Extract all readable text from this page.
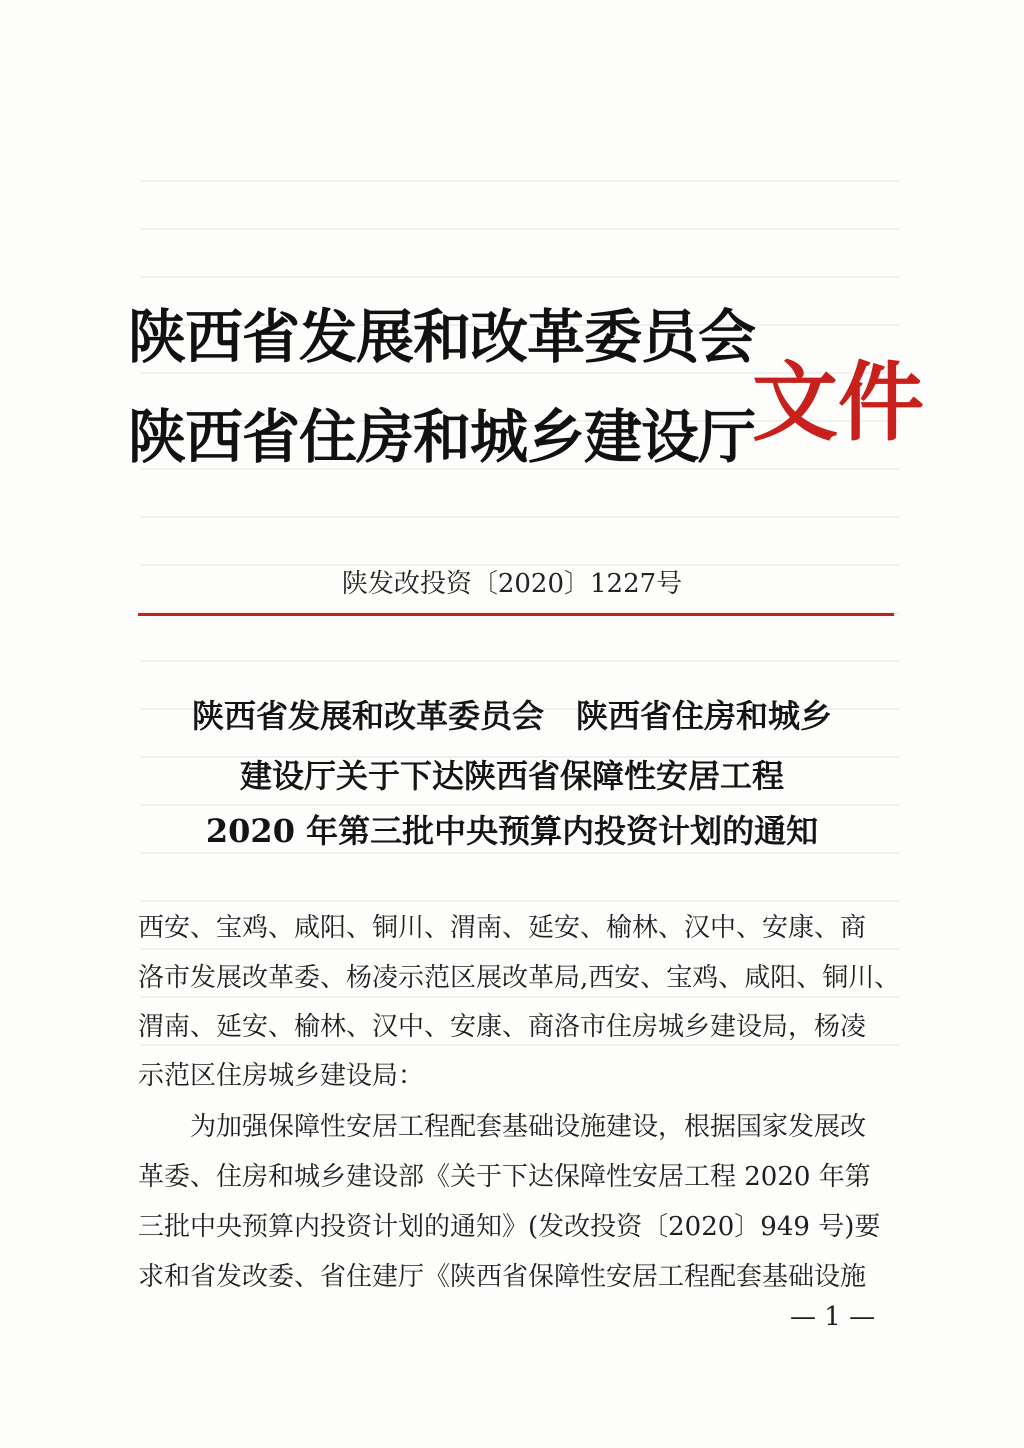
陕西省发展和改革委员会
陕西省住房和城乡建设厅
文件
陕发改投资〔2020〕1227号
陕西省发展和改革委员会　陕西省住房和城乡
建设厅关于下达陕西省保障性安居工程
2020 年第三批中央预算内投资计划的通知
西安、宝鸡、咸阳、铜川、渭南、延安、榆林、汉中、安康、商
洛市发展改革委、杨凌示范区展改革局,西安、宝鸡、咸阳、铜川、
渭南、延安、榆林、汉中、安康、商洛市住房城乡建设局，杨凌
示范区住房城乡建设局：
为加强保障性安居工程配套基础设施建设，根据国家发展改
革委、住房和城乡建设部《关于下达保障性安居工程 2020 年第
三批中央预算内投资计划的通知》(发改投资〔2020〕949 号)要
求和省发改委、省住建厅《陕西省保障性安居工程配套基础设施
— 1 —
